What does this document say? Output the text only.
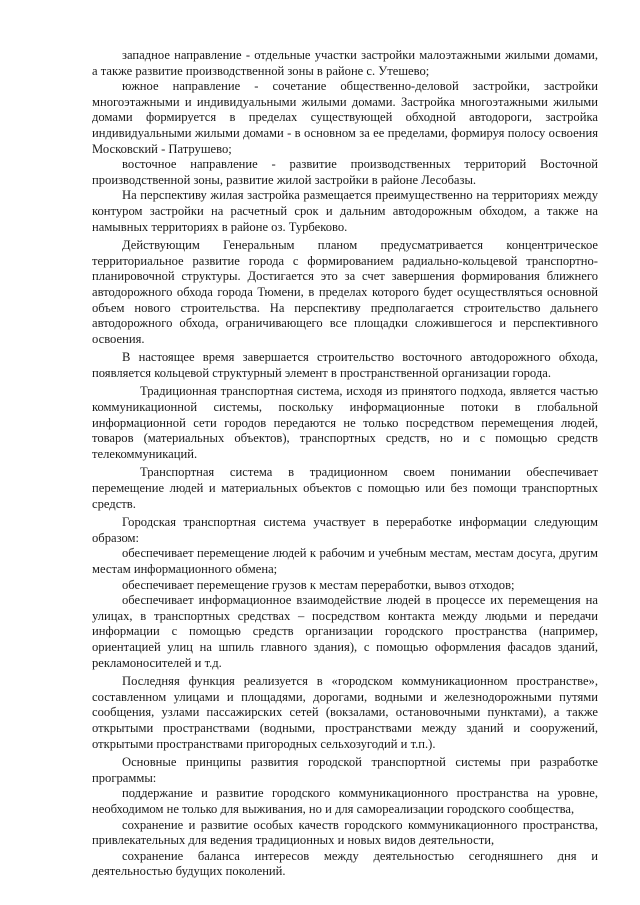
западное направление - отдельные участки застройки малоэтажными жилыми домами, а также развитие производственной зоны в районе с. Утешево;

южное направление - сочетание общественно-деловой застройки, застройки многоэтажными и индивидуальными жилыми домами. Застройка многоэтажными жилыми домами формируется в пределах существующей обходной автодороги, застройка индивидуальными жилыми домами - в основном за ее пределами, формируя полосу освоения Московский - Патрушево;

восточное направление - развитие производственных территорий Восточной производственной зоны, развитие жилой застройки в районе Лесобазы.

На перспективу жилая застройка размещается преимущественно на территориях между контуром застройки на расчетный срок и дальним автодорожным обходом, а также на намывных территориях в районе оз. Турбеково.

Действующим Генеральным планом предусматривается концентрическое территориальное развитие города с формированием радиально-кольцевой транспортно-планировочной структуры. Достигается это за счет завершения формирования ближнего автодорожного обхода города Тюмени, в пределах которого будет осуществляться основной объем нового строительства. На перспективу предполагается строительство дальнего автодорожного обхода, ограничивающего все площадки сложившегося и перспективного освоения.

В настоящее время завершается строительство восточного автодорожного обхода, появляется кольцевой структурный элемент в пространственной организации города.

Традиционная транспортная система, исходя из принятого подхода, является частью коммуникационной системы, поскольку информационные потоки в глобальной информационной сети городов передаются не только посредством перемещения людей, товаров (материальных объектов), транспортных средств, но и с помощью средств телекоммуникаций.

Транспортная система в традиционном своем понимании обеспечивает перемещение людей и материальных объектов с помощью или без помощи транспортных средств.

Городская транспортная система участвует в переработке информации следующим образом:

обеспечивает перемещение людей к рабочим и учебным местам, местам досуга, другим местам информационного обмена;

обеспечивает перемещение грузов к местам переработки, вывоз отходов;

обеспечивает информационное взаимодействие людей в процессе их перемещения на улицах, в транспортных средствах – посредством контакта между людьми и передачи информации с помощью средств организации городского пространства (например, ориентацией улиц на шпиль главного здания), с помощью оформления фасадов зданий, рекламоносителей и т.д.

Последняя функция реализуется в «городском коммуникационном пространстве», составленном улицами и площадями, дорогами, водными и железнодорожными путями сообщения, узлами пассажирских сетей (вокзалами, остановочными пунктами), а также открытыми пространствами (водными, пространствами между зданий и сооружений, открытыми пространствами пригородных сельхозугодий и т.п.).

Основные принципы развития городской транспортной системы при разработке программы:

поддержание и развитие городского коммуникационного пространства на уровне, необходимом не только для выживания, но и для самореализации городского сообщества,

сохранение и развитие особых качеств городского коммуникационного пространства, привлекательных для ведения традиционных и новых видов деятельности,

сохранение баланса интересов между деятельностью сегодняшнего дня и деятельностью будущих поколений.
